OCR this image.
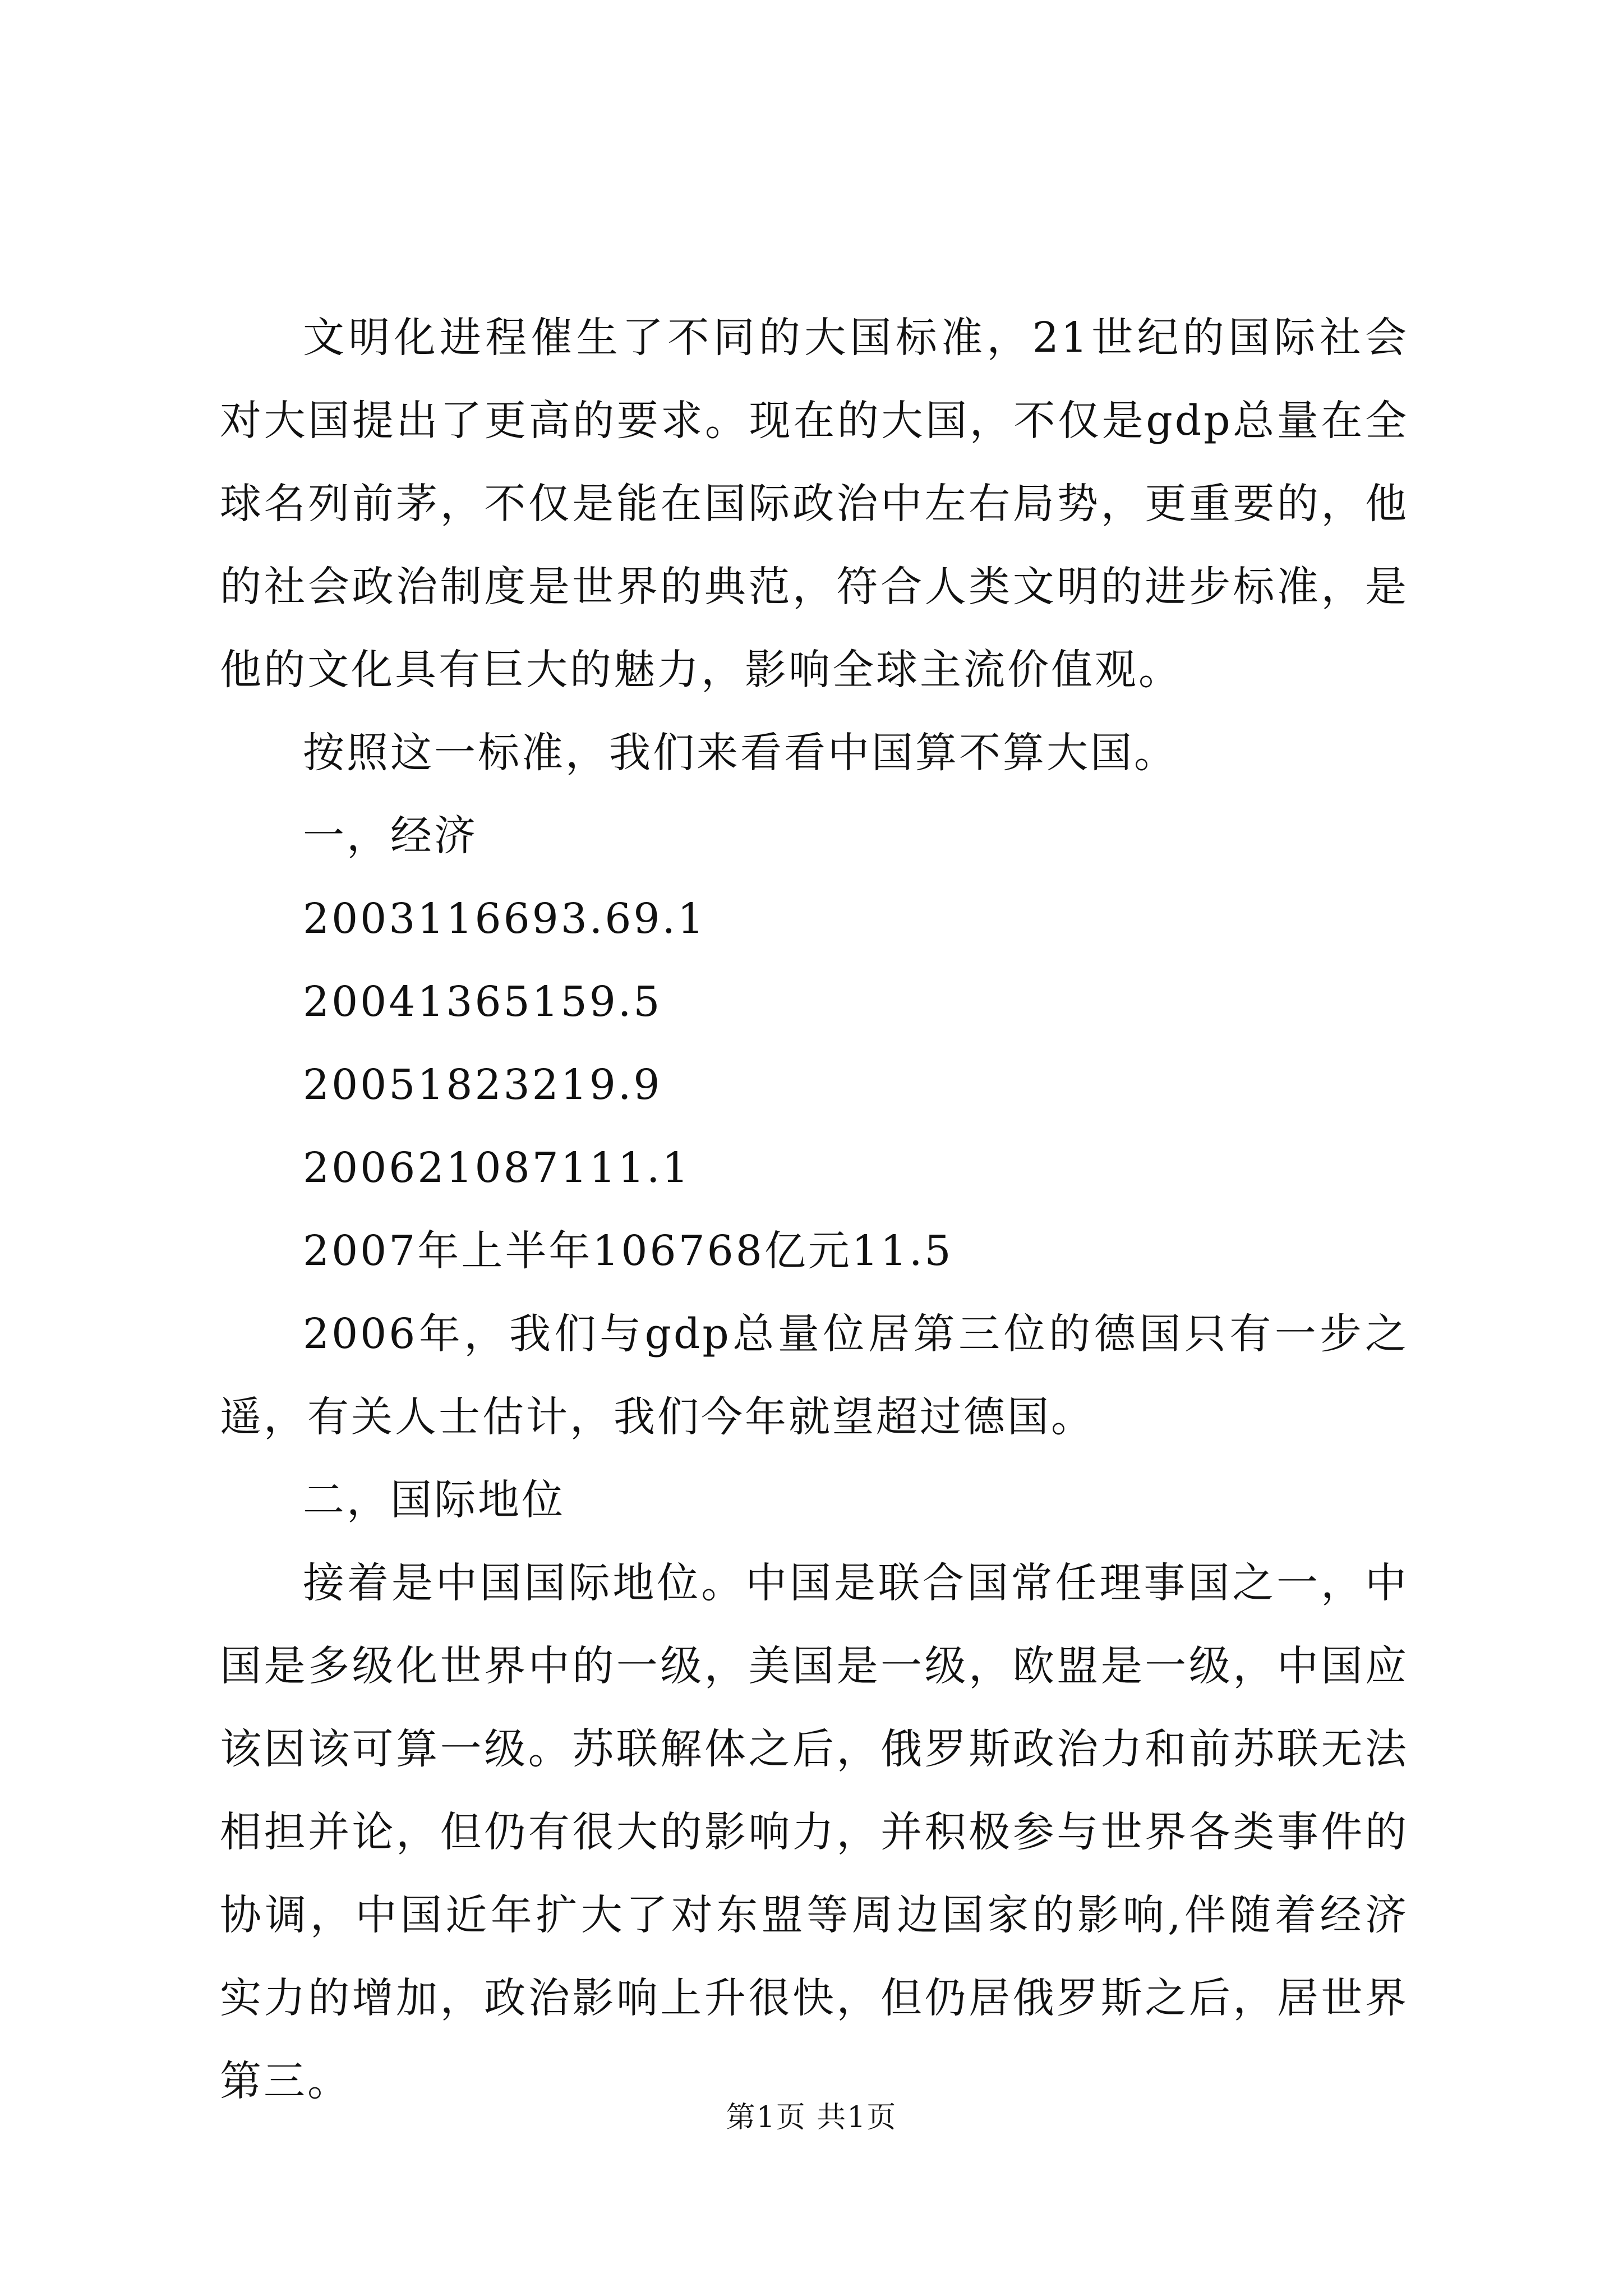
文明化进程催生了不同的大国标准，21世纪的国际社会对大国提出了更高的要求。现在的大国，不仅是gdp总量在全球名列前茅，不仅是能在国际政治中左右局势，更重要的，他的社会政治制度是世界的典范，符合人类文明的进步标准，是他的文化具有巨大的魅力，影响全球主流价值观。

按照这一标准，我们来看看中国算不算大国。

一，经济

2003116693.69.1

20041365159.5

20051823219.9

200621087111.1

2007年上半年106768亿元11.5

2006年，我们与gdp总量位居第三位的德国只有一步之遥，有关人士估计，我们今年就望超过德国。

二，国际地位

接着是中国国际地位。中国是联合国常任理事国之一，中国是多级化世界中的一级，美国是一级，欧盟是一级，中国应该因该可算一级。苏联解体之后，俄罗斯政治力和前苏联无法相担并论，但仍有很大的影响力，并积极参与世界各类事件的协调，中国近年扩大了对东盟等周边国家的影响,伴随着经济实力的增加，政治影响上升很快，但仍居俄罗斯之后，居世界第三。

第1页 共1页
